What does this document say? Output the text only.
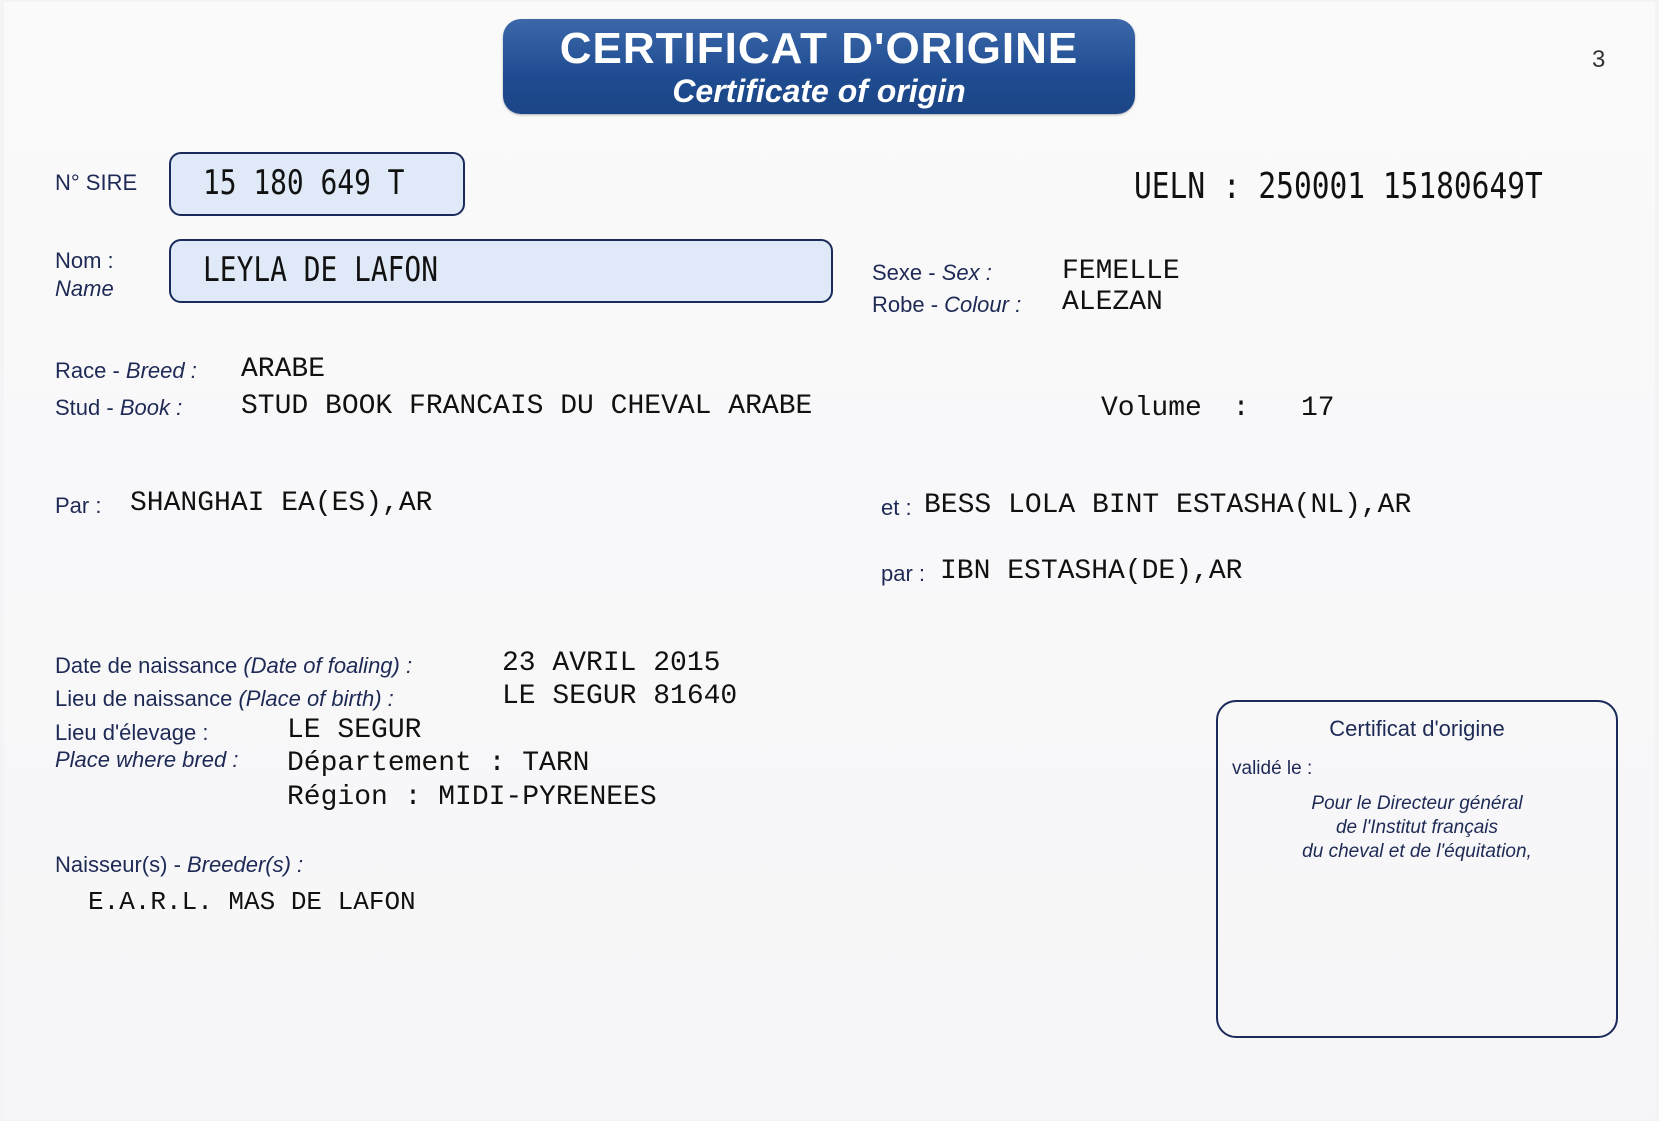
CERTIFICAT D'ORIGINE
Certificate of origin
3
N° SIRE 15 180 649 T	UELN : 250001 15180649T
Nom :
Name	LEYLA DE LAFON	Sexe - Sex :	FEMELLE
Robe - Colour : ALEZAN
Race - Breed : ARABE
Stud - Book : STUD BOOK FRANCAIS DU CHEVAL ARABE	Volume : 17
Par : SHANGHAI EA(ES),AR	et : BESS LOLA BINT ESTASHA(NL),AR
par : IBN ESTASHA(DE),AR
Date de naissance (Date of foaling) :	23 AVRIL 2015
Lieu de naissance (Place of birth) :	LE SEGUR 81640
Lieu d'élevage :
Place where bred :
LE SEGUR
Département : TARN
Région : MIDI-PYRENEES
Naisseur(s) - Breeder(s) :
E.A.R.L. MAS DE LAFON
Certificat d'origine
validé le :
Pour le Directeur général
de l'Institut français
du cheval et de l'équitation,
